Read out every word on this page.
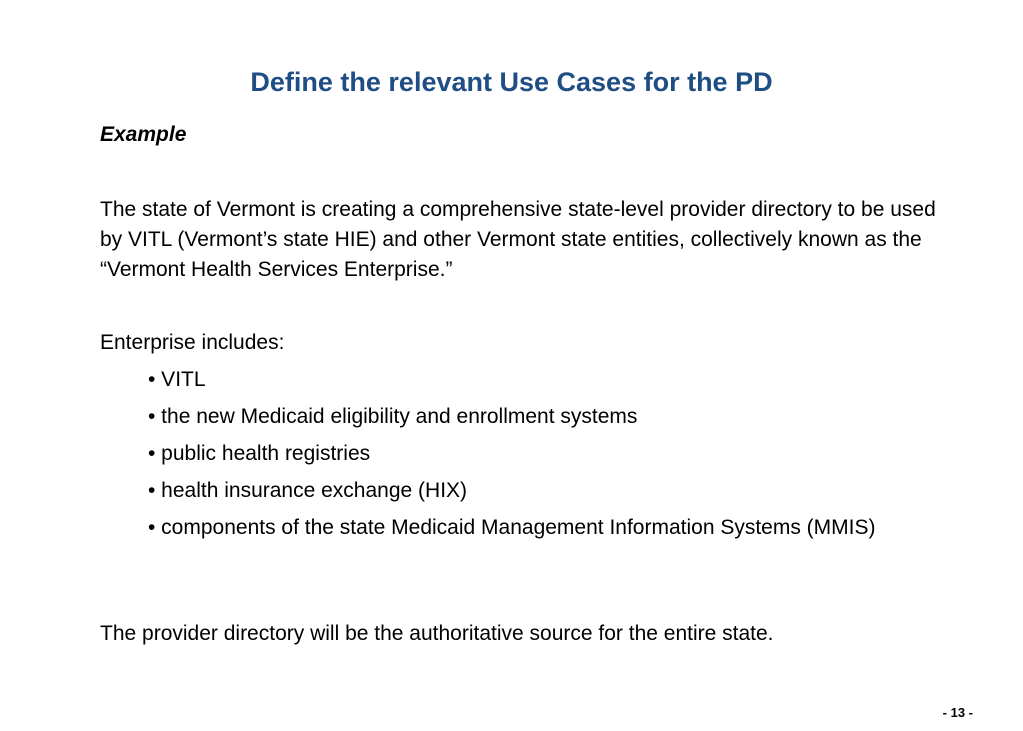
Define the relevant Use Cases for the PD
Example
The state of Vermont is creating a comprehensive state-level provider directory to be used by VITL (Vermont’s state HIE) and other Vermont state entities, collectively known as the “Vermont Health Services Enterprise.”
Enterprise includes:
• VITL
• the new Medicaid eligibility and enrollment systems
• public health registries
• health insurance exchange (HIX)
• components of the state Medicaid Management Information Systems (MMIS)
The provider directory will be the authoritative source for the entire state.
- 13 -
